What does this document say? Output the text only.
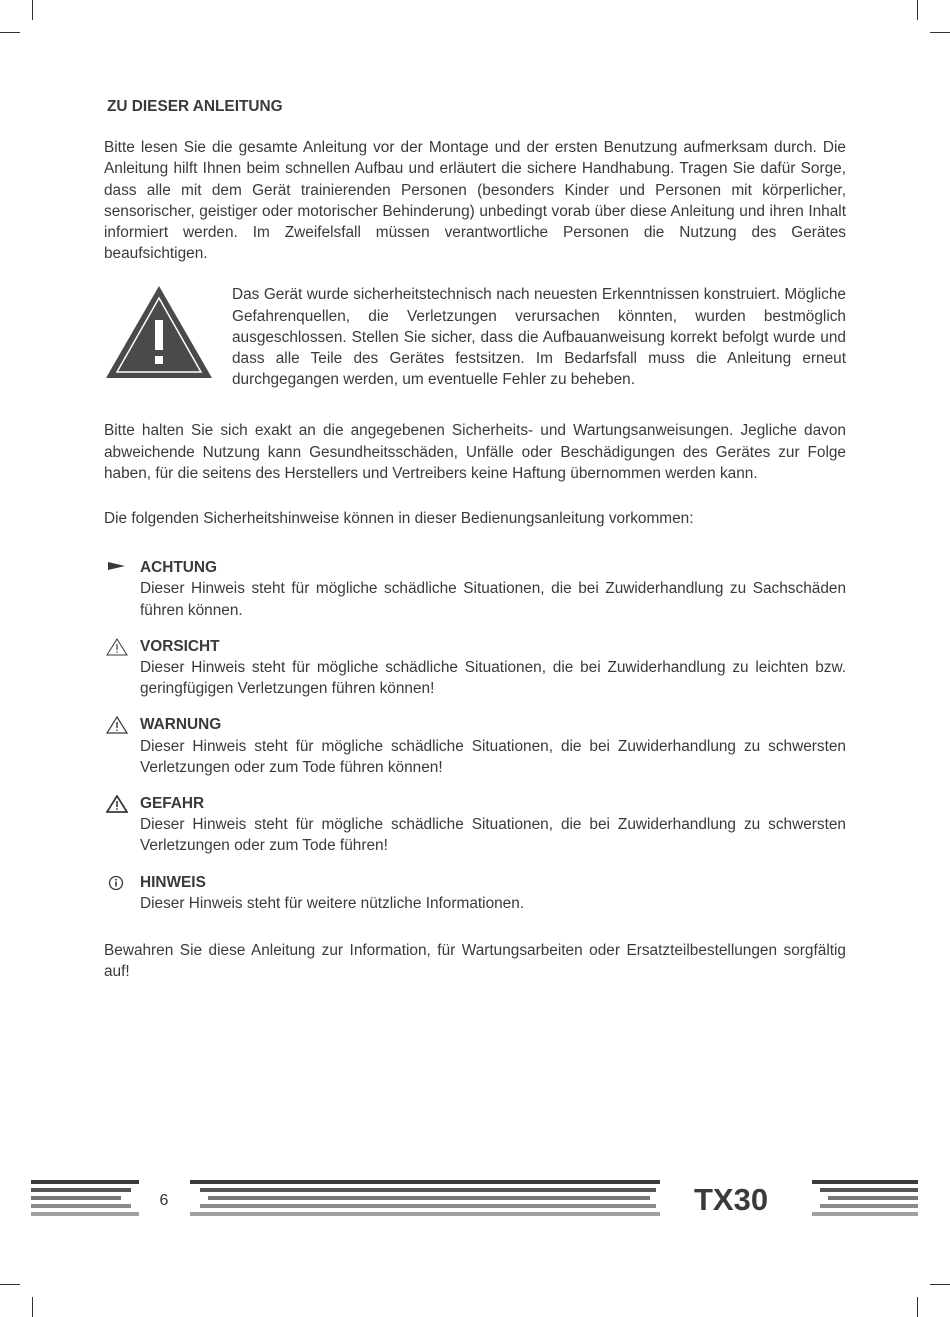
ZU DIESER ANLEITUNG

Bitte lesen Sie die gesamte Anleitung vor der Montage und der ersten Benutzung aufmerksam durch. Die Anleitung hilft Ihnen beim schnellen Aufbau und erläutert die sichere Handhabung. Tragen Sie dafür Sorge, dass alle mit dem Gerät trainierenden Personen (besonders Kinder und Personen mit körperlicher, sensorischer, geistiger oder motorischer Behinderung) unbedingt vorab über diese Anleitung und ihren Inhalt informiert werden. Im Zweifelsfall müssen verantwortliche Personen die Nutzung des Gerätes beaufsichtigen.

Das Gerät wurde sicherheitstechnisch nach neuesten Erkenntnissen konstruiert. Mögliche Gefahrenquellen, die Verletzungen verursachen könnten, wurden bestmöglich ausgeschlossen. Stellen Sie sicher, dass die Aufbauanweisung korrekt befolgt wurde und dass alle Teile des Gerätes festsitzen. Im Bedarfsfall muss die Anleitung erneut durchgegangen werden, um eventuelle Fehler zu beheben.

Bitte halten Sie sich exakt an die angegebenen Sicherheits- und Wartungsanweisungen. Jegliche davon abweichende Nutzung kann Gesundheitsschäden, Unfälle oder Beschädigungen des Gerätes zur Folge haben, für die seitens des Herstellers und Vertreibers keine Haftung übernommen werden kann.

Die folgenden Sicherheitshinweise können in dieser Bedienungsanleitung vorkommen:

ACHTUNG

Dieser Hinweis steht für mögliche schädliche Situationen, die bei Zuwiderhandlung zu Sachschäden führen können.

VORSICHT

Dieser Hinweis steht für mögliche schädliche Situationen, die bei Zuwiderhandlung zu leichten bzw. geringfügigen Verletzungen führen können!

WARNUNG

Dieser Hinweis steht für mögliche schädliche Situationen, die bei Zuwiderhandlung zu schwersten Verletzungen oder zum Tode führen können!

GEFAHR

Dieser Hinweis steht für mögliche schädliche Situationen, die bei Zuwiderhandlung zu schwersten Verletzungen oder zum Tode führen!

HINWEIS

Dieser Hinweis steht für weitere nützliche Informationen.

Bewahren Sie diese Anleitung zur Information, für Wartungsarbeiten oder Ersatzteilbestellungen sorgfältig auf!

6	TX30
